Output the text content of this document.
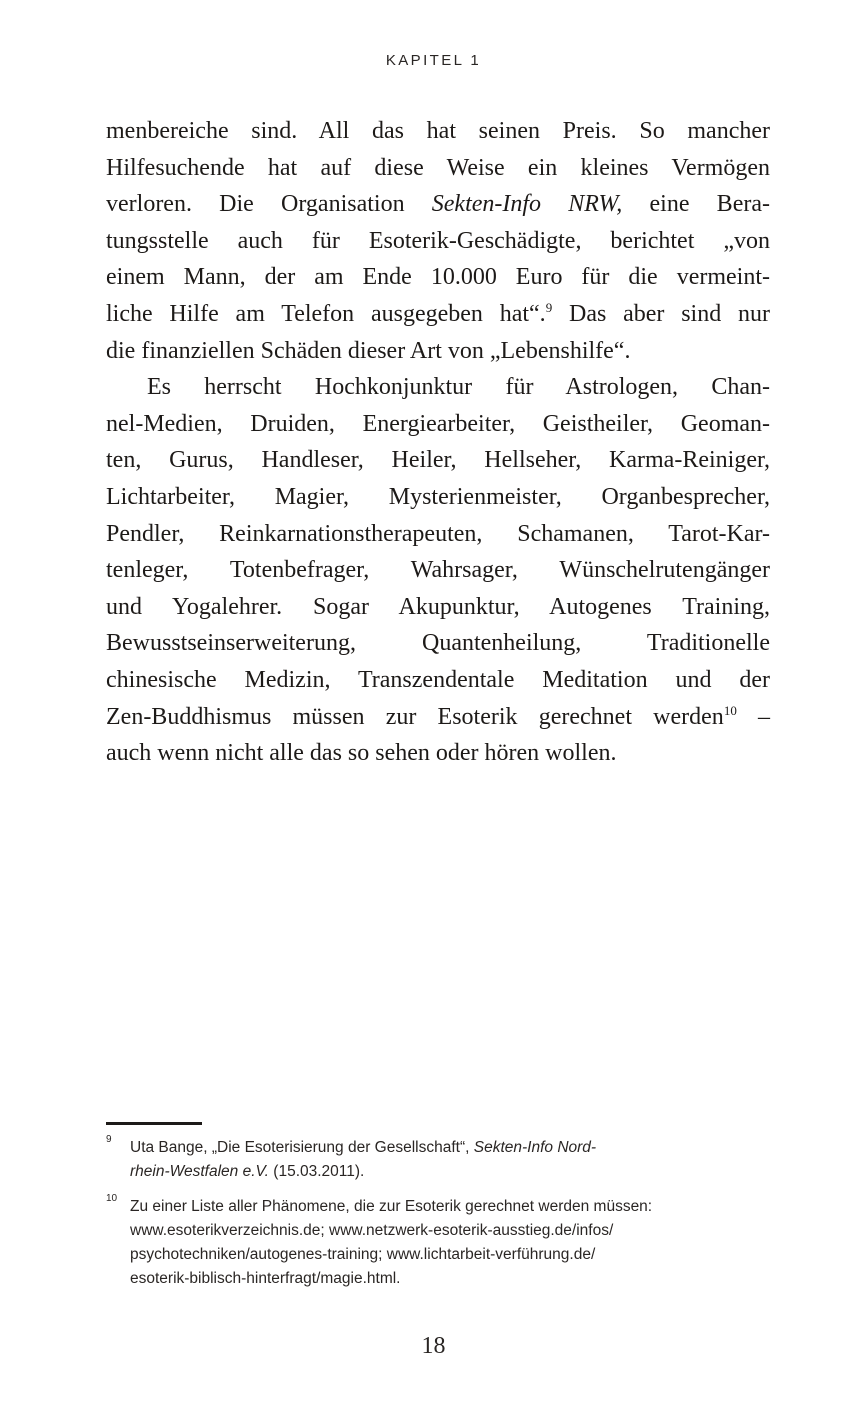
KAPITEL 1
menbereiche sind. All das hat seinen Preis. So mancher
Hilfesuchende hat auf diese Weise ein kleines Vermögen
verloren. Die Organisation Sekten-Info NRW, eine Bera-
tungsstelle auch für Esoterik-Geschädigte, berichtet „von
einem Mann, der am Ende 10.000 Euro für die vermeint-
liche Hilfe am Telefon ausgegeben hat“.$^9$ Das aber sind nur
die finanziellen Schäden dieser Art von „Lebenshilfe“.
Es herrscht Hochkonjunktur für Astrologen, Chan-
nel-Medien, Druiden, Energiearbeiter, Geistheiler, Geoman-
ten, Gurus, Handleser, Heiler, Hellseher, Karma-Reiniger,
Lichtarbeiter, Magier, Mysterienmeister, Organbesprecher,
Pendler, Reinkarnationstherapeuten, Schamanen, Tarot-Kar-
tenleger, Totenbefrager, Wahrsager, Wünschelrutengänger
und Yogalehrer. Sogar Akupunktur, Autogenes Training,
Bewusstseinserweiterung, Quantenheilung, Traditionelle
chinesische Medizin, Transzendentale Meditation und der
Zen-Buddhismus müssen zur Esoterik gerechnet werden$^{10}$ –
auch wenn nicht alle das so sehen oder hören wollen.
9 Uta Bange, „Die Esoterisierung der Gesellschaft“, Sekten-Info Nord-
rhein-Westfalen e.V. (15.03.2011).
10 Zu einer Liste aller Phänomene, die zur Esoterik gerechnet werden müssen:
www.esoterikverzeichnis.de; www.netzwerk-esoterik-ausstieg.de/infos/
psychotechniken/autogenes-training; www.lichtarbeit-verführung.de/
esoterik-biblisch-hinterfragt/magie.html.
18
